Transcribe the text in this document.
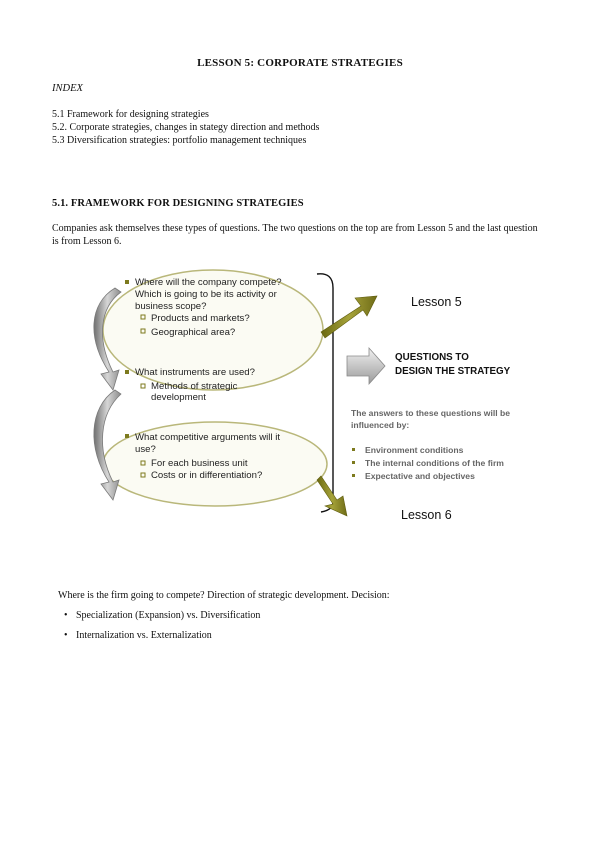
LESSON 5: CORPORATE STRATEGIES
INDEX
5.1 Framework for designing strategies
5.2. Corporate strategies, changes in stategy direction and methods
5.3 Diversification strategies: portfolio management techniques
5.1. FRAMEWORK FOR DESIGNING STRATEGIES
Companies ask themselves these types of questions. The two questions on the top are from Lesson 5 and the last question is from Lesson 6.
Where will the company compete?
Which is going to be its activity or
business scope?
Products and markets?
Geographical area?
What instruments are used?
Methods of strategic
development
What competitive arguments will it
use?
For each business unit
Costs or in differentiation?
Lesson 5
Lesson 6
QUESTIONS TO
DESIGN THE STRATEGY
The answers to these questions will be
influenced by:
Environment conditions
The internal conditions of the firm
Expectative and objectives
Where is the firm going to compete? Direction of strategic development. Decision:
• Specialization (Expansion) vs. Diversification
• Internalization vs. Externalization
